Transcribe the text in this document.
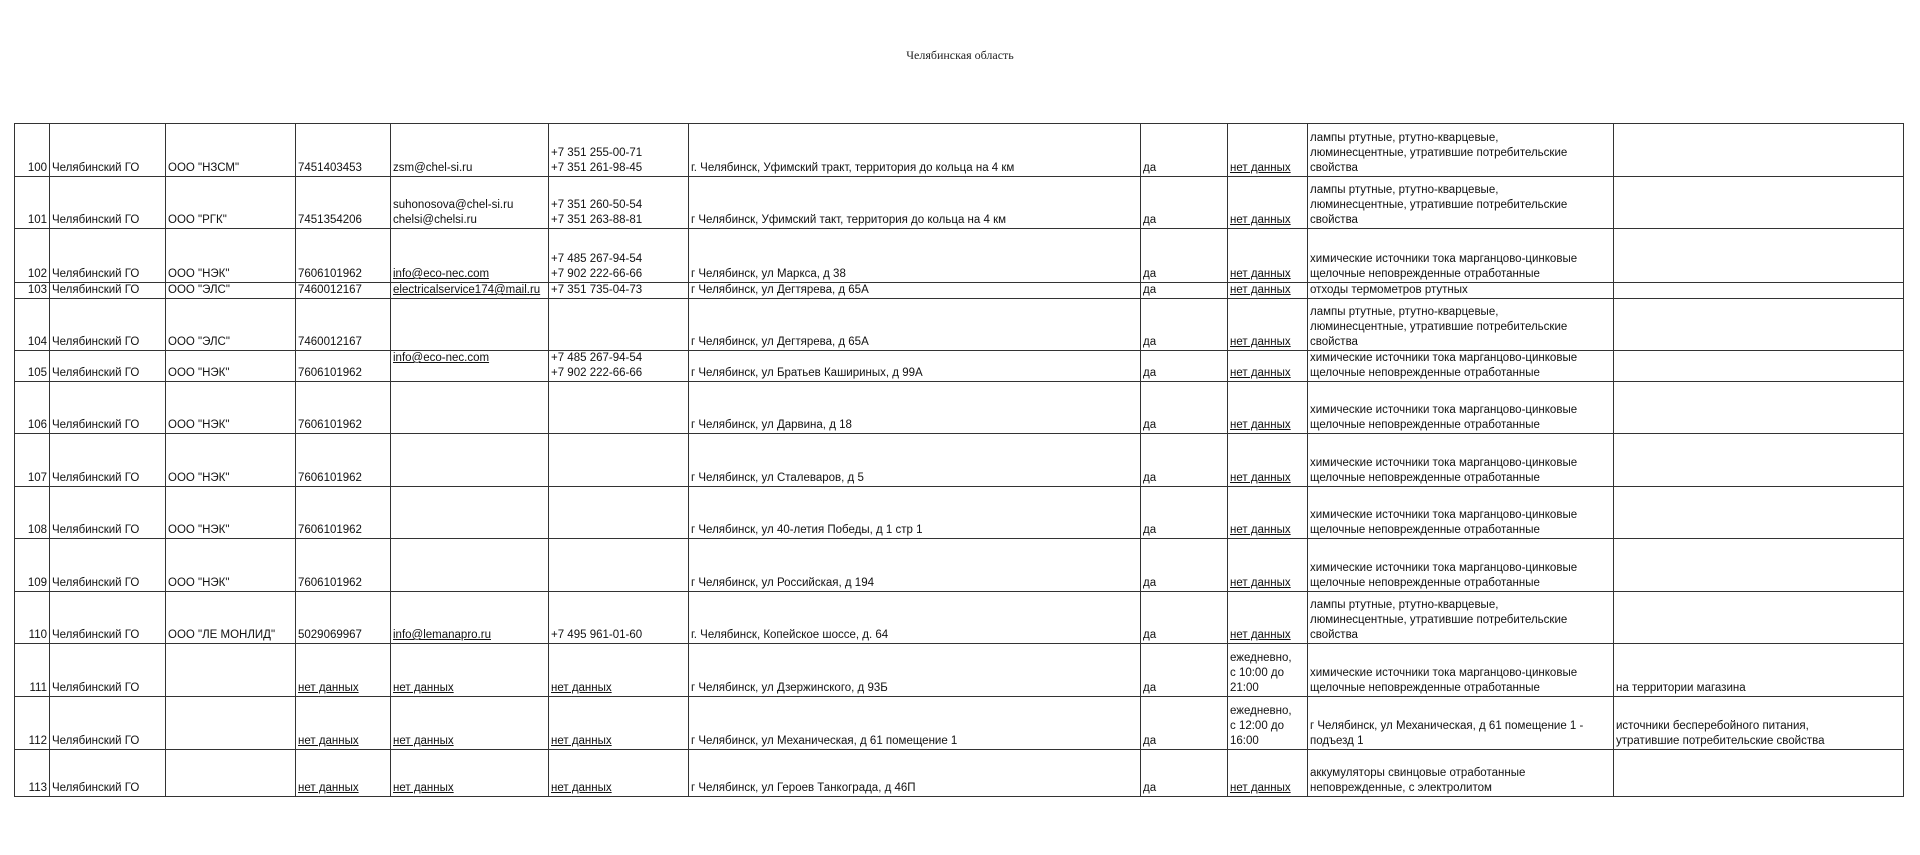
Челябинская область
100	Челябинский ГО	ООО "НЗСМ"	7451403453	zsm@chel-si.ru	+7 351 255-00-71
+7 351 261-98-45	г. Челябинск, Уфимский тракт, территория до кольца на 4 км	да	нет данных	лампы ртутные, ртутно-кварцевые,
люминесцентные, утратившие потребительские
свойства	
101	Челябинский ГО	ООО "РГК"	7451354206	suhonosova@chel-si.ru
chelsi@chelsi.ru	+7 351 260-50-54
+7 351 263-88-81	г Челябинск, Уфимский такт, территория до кольца на 4 км	да	нет данных	лампы ртутные, ртутно-кварцевые,
люминесцентные, утратившие потребительские
свойства	
102	Челябинский ГО	ООО "НЭК"	7606101962	info@eco-nec.com	+7 485 267-94-54
+7 902 222-66-66	г Челябинск, ул Маркса, д 38	да	нет данных	химические источники тока марганцово-цинковые
щелочные неповрежденные отработанные	
103	Челябинский ГО	ООО "ЭЛС"	7460012167	electricalservice174@mail.ru	+7 351 735-04-73	г Челябинск, ул Дегтярева, д 65А	да	нет данных	отходы термометров ртутных	
104	Челябинский ГО	ООО "ЭЛС"	7460012167			г Челябинск, ул Дегтярева, д 65А	да	нет данных	лампы ртутные, ртутно-кварцевые,
люминесцентные, утратившие потребительские
свойства	
105	Челябинский ГО	ООО "НЭК"	7606101962	info@eco-nec.com	+7 485 267-94-54
+7 902 222-66-66	г Челябинск, ул Братьев Кашириных, д 99А	да	нет данных	химические источники тока марганцово-цинковые
щелочные неповрежденные отработанные	
106	Челябинский ГО	ООО "НЭК"	7606101962			г Челябинск, ул Дарвина, д 18	да	нет данных	химические источники тока марганцово-цинковые
щелочные неповрежденные отработанные	
107	Челябинский ГО	ООО "НЭК"	7606101962			г Челябинск, ул Сталеваров, д 5	да	нет данных	химические источники тока марганцово-цинковые
щелочные неповрежденные отработанные	
108	Челябинский ГО	ООО "НЭК"	7606101962			г Челябинск, ул 40-летия Победы, д 1 стр 1	да	нет данных	химические источники тока марганцово-цинковые
щелочные неповрежденные отработанные	
109	Челябинский ГО	ООО "НЭК"	7606101962			г Челябинск, ул Российская, д 194	да	нет данных	химические источники тока марганцово-цинковые
щелочные неповрежденные отработанные	
110	Челябинский ГО	ООО "ЛЕ МОНЛИД"	5029069967	info@lemanapro.ru	+7 495 961-01-60	г. Челябинск, Копейское шоссе, д. 64	да	нет данных	лампы ртутные, ртутно-кварцевые,
люминесцентные, утратившие потребительские
свойства	
111	Челябинский ГО		нет данных	нет данных	нет данных	г Челябинск, ул Дзержинского, д 93Б	да	ежедневно,
с 10:00 до
21:00	химические источники тока марганцово-цинковые
щелочные неповрежденные отработанные	на территории магазина
112	Челябинский ГО		нет данных	нет данных	нет данных	г Челябинск, ул Механическая, д 61 помещение 1	да	ежедневно,
с 12:00 до
16:00	г Челябинск, ул Механическая, д 61 помещение 1 -
подъезд 1	источники бесперебойного питания,
утратившие потребительские свойства
113	Челябинский ГО		нет данных	нет данных	нет данных	г Челябинск, ул Героев Танкограда, д 46П	да	нет данных	аккумуляторы свинцовые отработанные
неповрежденные, с электролитом	
